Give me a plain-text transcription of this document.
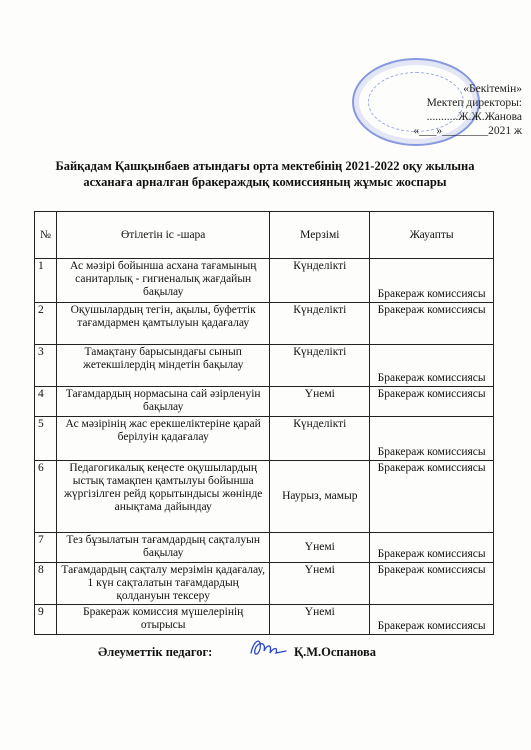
«Бекітемін»
Мектеп директоры:
...........Ж.Ж.Жанова
«___»________2021 ж
Байқадам Қашқынбаев атындағы орта мектебінің 2021-2022 оқу жылына
асханаға арналған бракераждық комиссияның жұмыс жоспары
№	Өтілетін іс -шара	Мерзімі	Жауапты
1	Ас мәзірі бойынша асхана тағамының санитарлық - гигиеналық жағдайын бақылау	Күнделікті	Бракераж комиссиясы
2	Оқушылардың тегін, ақылы, буфеттік тағамдармен қамтылуын қадағалау	Күнделікті	Бракераж комиссиясы
3	Тамақтану барысындағы сынып жетекшілердің міндетін бақылау	Күнделікті	Бракераж комиссиясы
4	Тағамдардың нормасына сай әзірленуін бақылау	Үнемі	Бракераж комиссиясы
5	Ас мәзірінің жас ерекшеліктеріне қарай берілуін қадағалау	Күнделікті	Бракераж комиссиясы
6	Педагогикалық кеңесте оқушылардың ыстық тамақпен қамтылуы бойынша жүргізілген рейд қорытындысы жөнінде анықтама дайындау	Наурыз, мамыр	Бракераж комиссиясы
7	Тез бұзылатын тағамдардың сақталуын бақылау	Үнемі	Бракераж комиссиясы
8	Тағамдардың сақталу мерзімін қадағалау, 1 күн сақталатын тағамдардың қолдануын тексеру	Үнемі	Бракераж комиссиясы
9	Бракераж комиссия мүшелерінің отырысы	Үнемі	Бракераж комиссиясы
Әлеуметтік педагог:	Қ.М.Оспанова
